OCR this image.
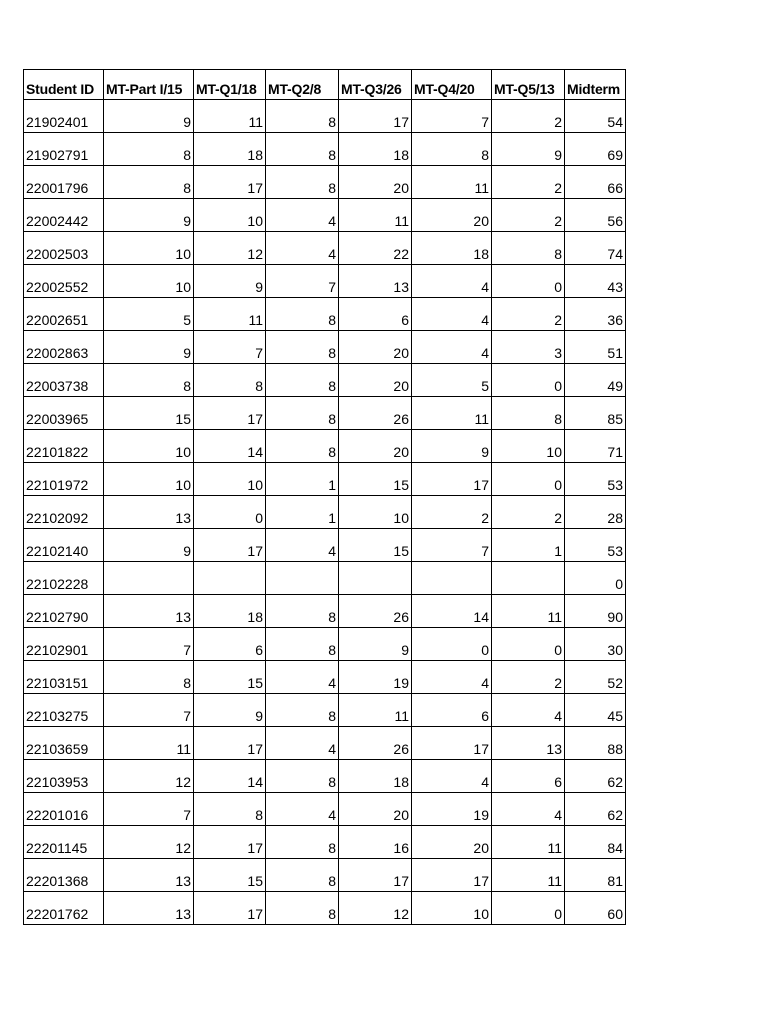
Student ID	MT-Part I/15	MT-Q1/18	MT-Q2/8	MT-Q3/26	MT-Q4/20	MT-Q5/13	Midterm
21902401	9	11	8	17	7	2	54
21902791	8	18	8	18	8	9	69
22001796	8	17	8	20	11	2	66
22002442	9	10	4	11	20	2	56
22002503	10	12	4	22	18	8	74
22002552	10	9	7	13	4	0	43
22002651	5	11	8	6	4	2	36
22002863	9	7	8	20	4	3	51
22003738	8	8	8	20	5	0	49
22003965	15	17	8	26	11	8	85
22101822	10	14	8	20	9	10	71
22101972	10	10	1	15	17	0	53
22102092	13	0	1	10	2	2	28
22102140	9	17	4	15	7	1	53
22102228							0
22102790	13	18	8	26	14	11	90
22102901	7	6	8	9	0	0	30
22103151	8	15	4	19	4	2	52
22103275	7	9	8	11	6	4	45
22103659	11	17	4	26	17	13	88
22103953	12	14	8	18	4	6	62
22201016	7	8	4	20	19	4	62
22201145	12	17	8	16	20	11	84
22201368	13	15	8	17	17	11	81
22201762	13	17	8	12	10	0	60
